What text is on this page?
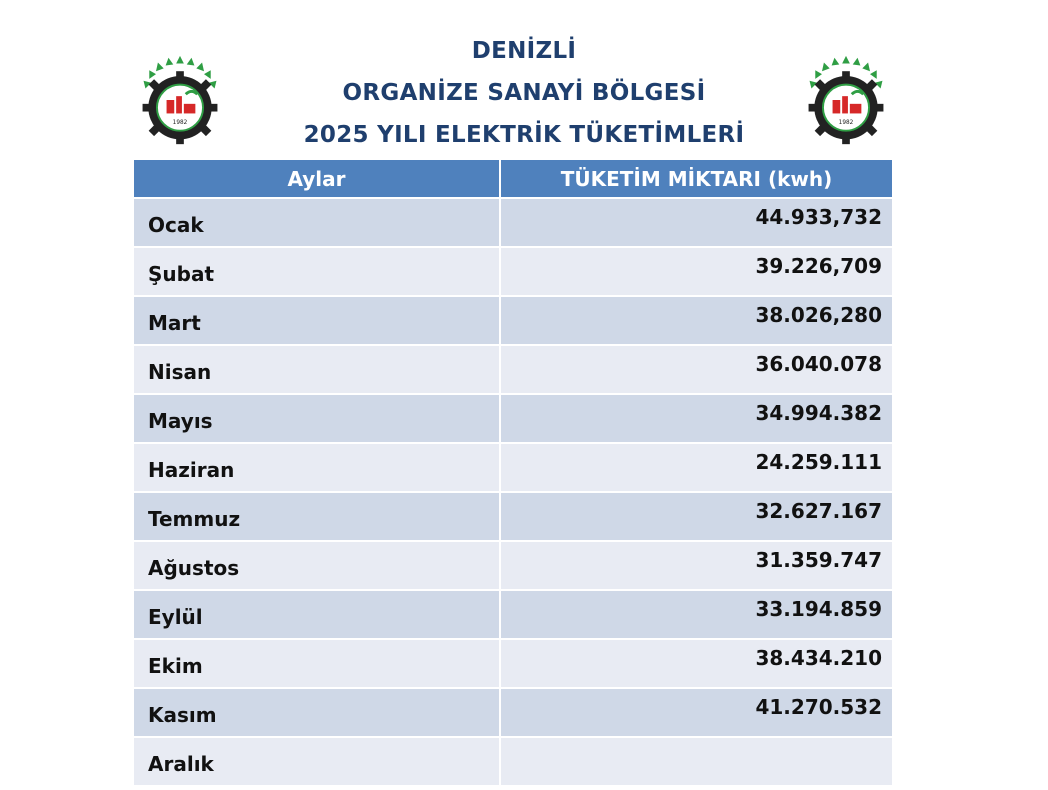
1982	1982
DENİZLİ
ORGANİZE SANAYİ BÖLGESİ
2025 YILI ELEKTRİK TÜKETİMLERİ
Aylar	TÜKETİM MİKTARI (kwh)
Ocak	44.933,732
Şubat	39.226,709
Mart	38.026,280
Nisan	36.040.078
Mayıs	34.994.382
Haziran	24.259.111
Temmuz	32.627.167
Ağustos	31.359.747
Eylül	33.194.859
Ekim	38.434.210
Kasım	41.270.532
Aralık	
